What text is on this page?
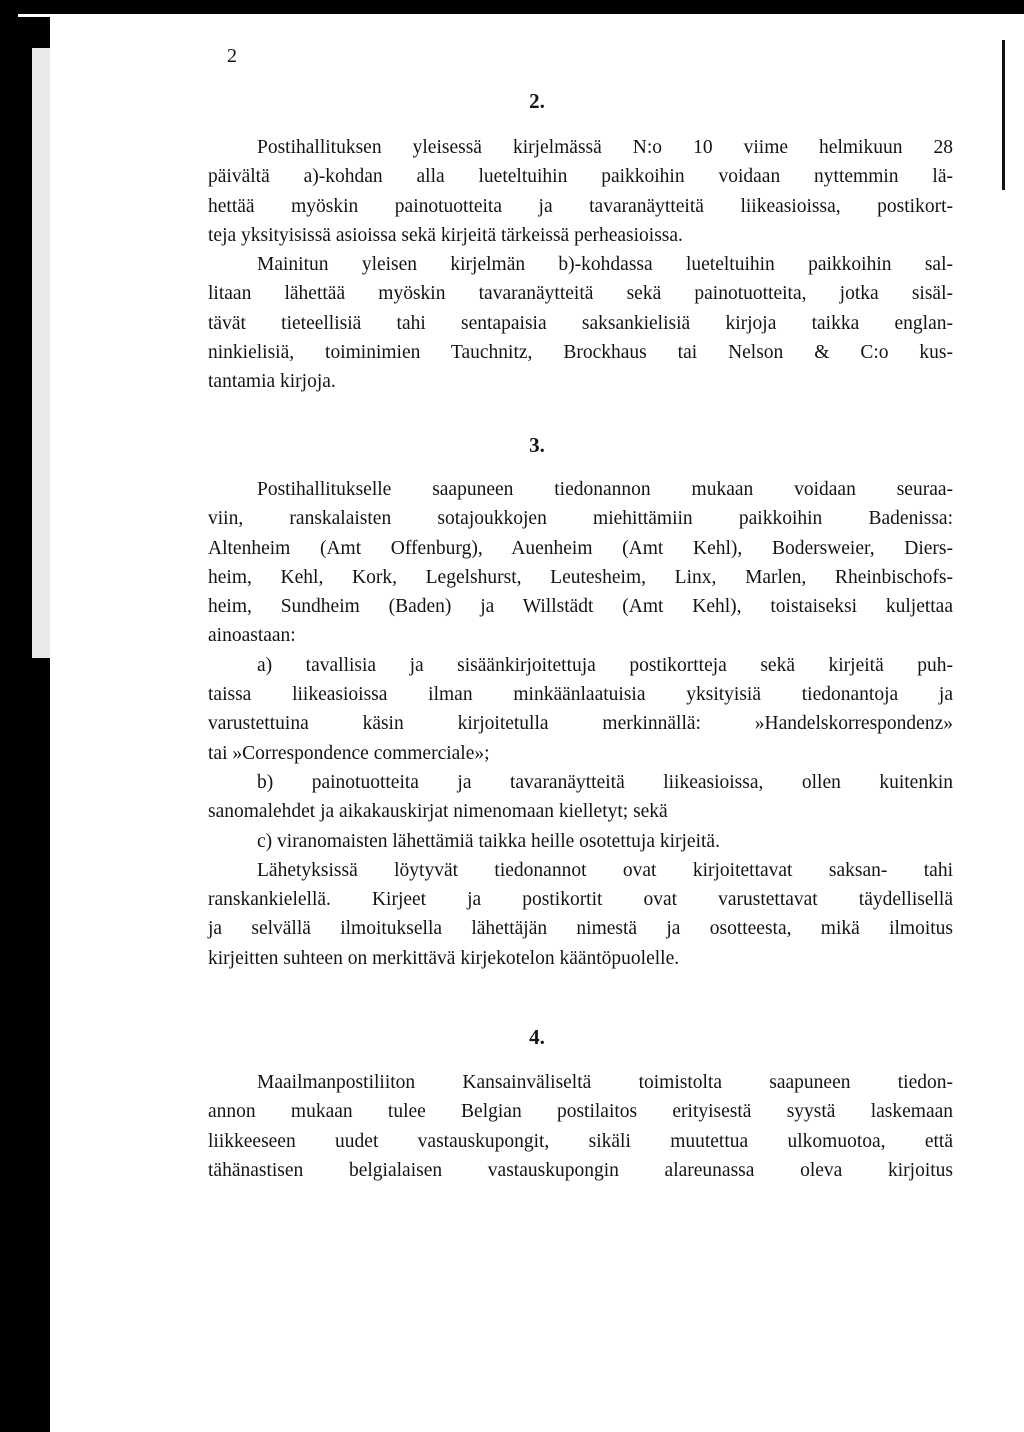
2
2.
Postihallituksen yleisessä kirjelmässä N:o 10 viime helmikuun 28
päivältä a)-kohdan alla lueteltuihin paikkoihin voidaan nyttemmin lä-
hettää myöskin painotuotteita ja tavaranäytteitä liikeasioissa, postikort-
teja yksityisissä asioissa sekä kirjeitä tärkeissä perheasioissa.
Mainitun yleisen kirjelmän b)-kohdassa lueteltuihin paikkoihin sal-
litaan lähettää myöskin tavaranäytteitä sekä painotuotteita, jotka sisäl-
tävät tieteellisiä tahi sentapaisia saksankielisiä kirjoja taikka englan-
ninkielisiä, toiminimien Tauchnitz, Brockhaus tai Nelson & C:o kus-
tantamia kirjoja.
3.
Postihallitukselle saapuneen tiedonannon mukaan voidaan seuraa-
viin, ranskalaisten sotajoukkojen miehittämiin paikkoihin Badenissa:
Altenheim (Amt Offenburg), Auenheim (Amt Kehl), Bodersweier, Diers-
heim, Kehl, Kork, Legelshurst, Leutesheim, Linx, Marlen, Rheinbischofs-
heim, Sundheim (Baden) ja Willstädt (Amt Kehl), toistaiseksi kuljettaa
ainoastaan:
a) tavallisia ja sisäänkirjoitettuja postikortteja sekä kirjeitä puh-
taissa liikeasioissa ilman minkäänlaatuisia yksityisiä tiedonantoja ja
varustettuina käsin kirjoitetulla merkinnällä: »Handelskorrespondenz»
tai »Correspondence commerciale»;
b) painotuotteita ja tavaranäytteitä liikeasioissa, ollen kuitenkin
sanomalehdet ja aikakauskirjat nimenomaan kielletyt; sekä
c) viranomaisten lähettämiä taikka heille osotettuja kirjeitä.
Lähetyksissä löytyvät tiedonannot ovat kirjoitettavat saksan- tahi
ranskankielellä. Kirjeet ja postikortit ovat varustettavat täydellisellä
ja selvällä ilmoituksella lähettäjän nimestä ja osotteesta, mikä ilmoitus
kirjeitten suhteen on merkittävä kirjekotelon kääntöpuolelle.
4.
Maailmanpostiliiton Kansainväliseltä toimistolta saapuneen tiedon-
annon mukaan tulee Belgian postilaitos erityisestä syystä laskemaan
liikkeeseen uudet vastauskupongit, sikäli muutettua ulkomuotoa, että
tähänastisen belgialaisen vastauskupongin alareunassa oleva kirjoitus
